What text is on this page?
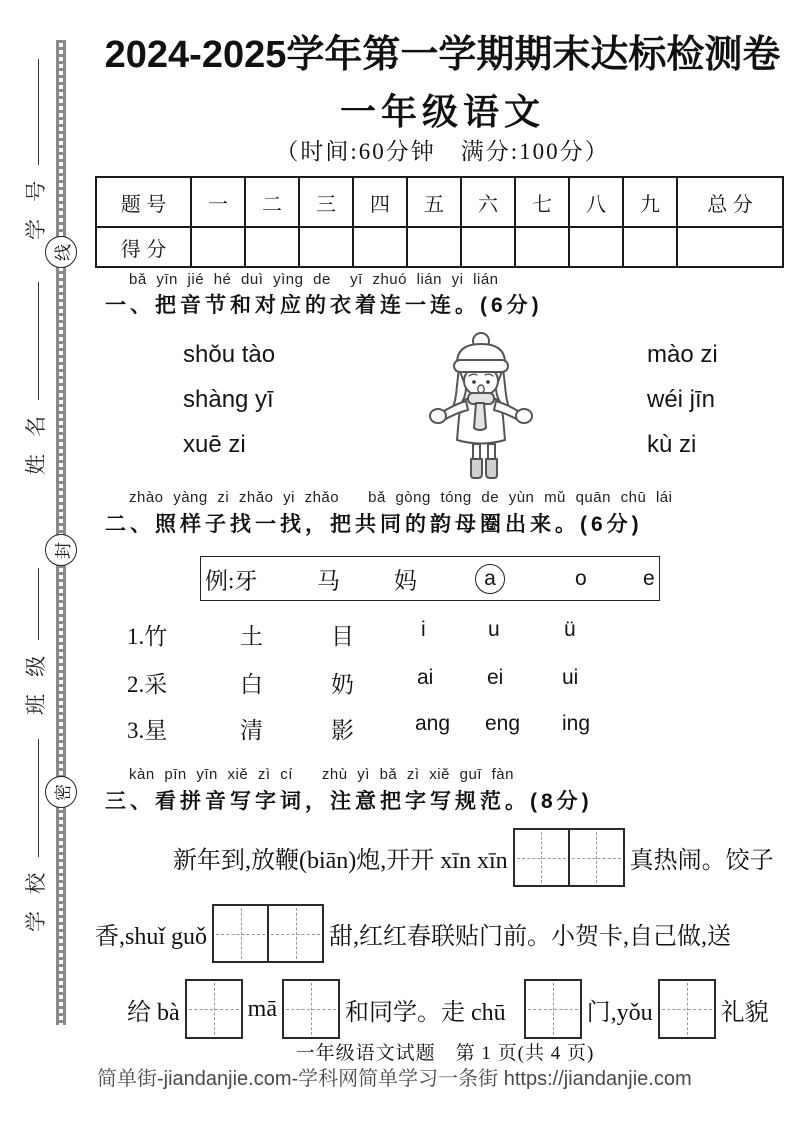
学 号
姓 名
班 级
学 校
线
封
密
2024-2025学年第一学期期末达标检测卷
一年级语文
（时间:60分钟　满分:100分）
题 号	一	二	三	四	五	六	七	八	九	总 分
得 分										
bǎ yīn jié hé duì yìng de  yī zhuó lián yi lián
一、把音节和对应的衣着连一连。(6分)
shǒu tào
shàng yī
xuē zi
mào zi
wéi jīn
kù zi
zhào yàng zi zhǎo yi zhǎo   bǎ gòng tóng de yùn mǔ quān chū lái
二、照样子找一找，把共同的韵母圈出来。(6分)
例:牙	马 妈	a	o	e
1.竹	土	目	i	u	ü
2.采	白	奶	ai	ei	ui
3.星	清	影	ang eng ing
kàn pīn yīn xiě zì cí   zhù yì bǎ zì xiě guī fàn
三、看拼音写字词，注意把字写规范。(8分)
新年到,放鞭(biān)炮,开开 xīn xīn	真热闹。饺子
香,shuǐ guǒ	甜,红红春联贴门前。小贺卡,自己做,送
给 bà	mā	和同学。走 chū	门,yǒu	礼貌
一年级语文试题　第 1 页(共 4 页)
简单街-jiandanjie.com-学科网简单学习一条街 https://jiandanjie.com
